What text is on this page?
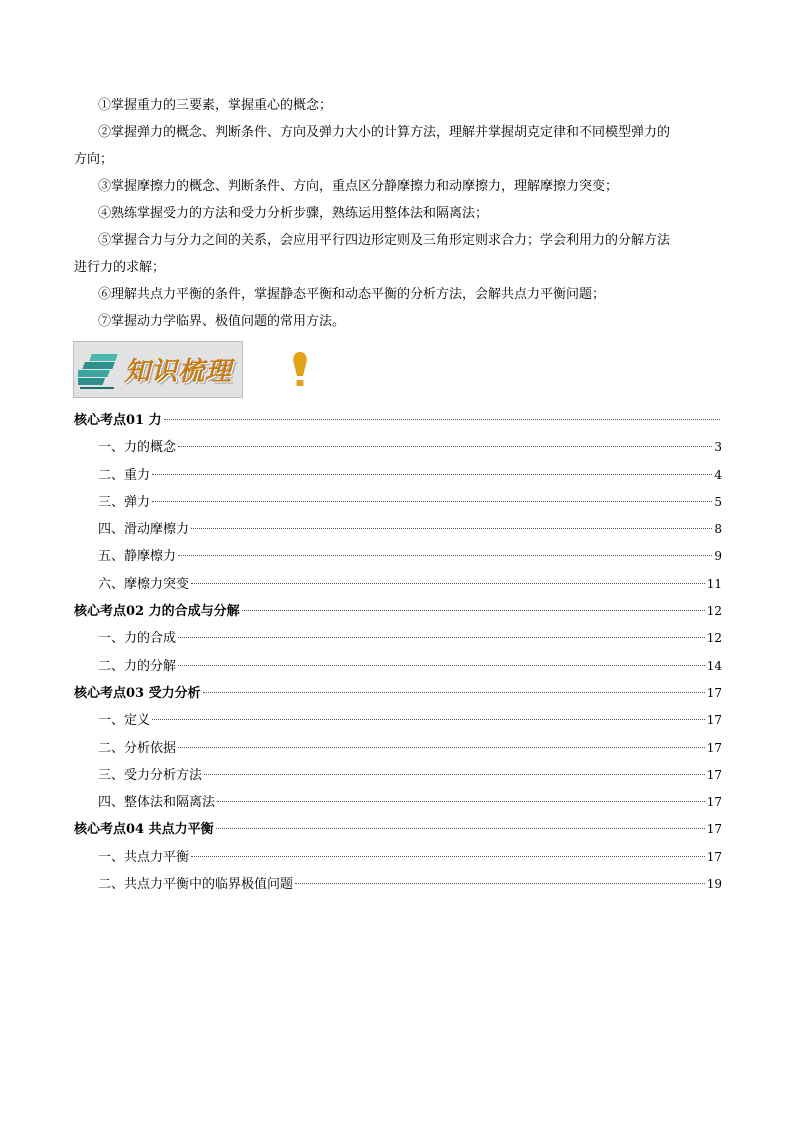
①掌握重力的三要素，掌握重心的概念；
②掌握弹力的概念、判断条件、方向及弹力大小的计算方法，理解并掌握胡克定律和不同模型弹力的
方向；
③掌握摩擦力的概念、判断条件、方向，重点区分静摩擦力和动摩擦力，理解摩擦力突变；
④熟练掌握受力的方法和受力分析步骤，熟练运用整体法和隔离法；
⑤掌握合力与分力之间的关系，会应用平行四边形定则及三角形定则求合力；学会利用力的分解方法
进行力的求解；
⑥理解共点力平衡的条件，掌握静态平衡和动态平衡的分析方法，会解共点力平衡问题；
⑦掌握动力学临界、极值问题的常用方法。
知识梳理
核心考点01 力
一、力的概念	3
二、重力	4
三、弹力	5
四、滑动摩檫力	8
五、静摩檫力	9
六、摩檫力突变	11
核心考点02 力的合成与分解	12
一、力的合成	12
二、力的分解	14
核心考点03 受力分析	17
一、定义	17
二、分析依据	17
三、受力分析方法	17
四、整体法和隔离法	17
核心考点04 共点力平衡	17
一、共点力平衡	17
二、共点力平衡中的临界极值问题	19
